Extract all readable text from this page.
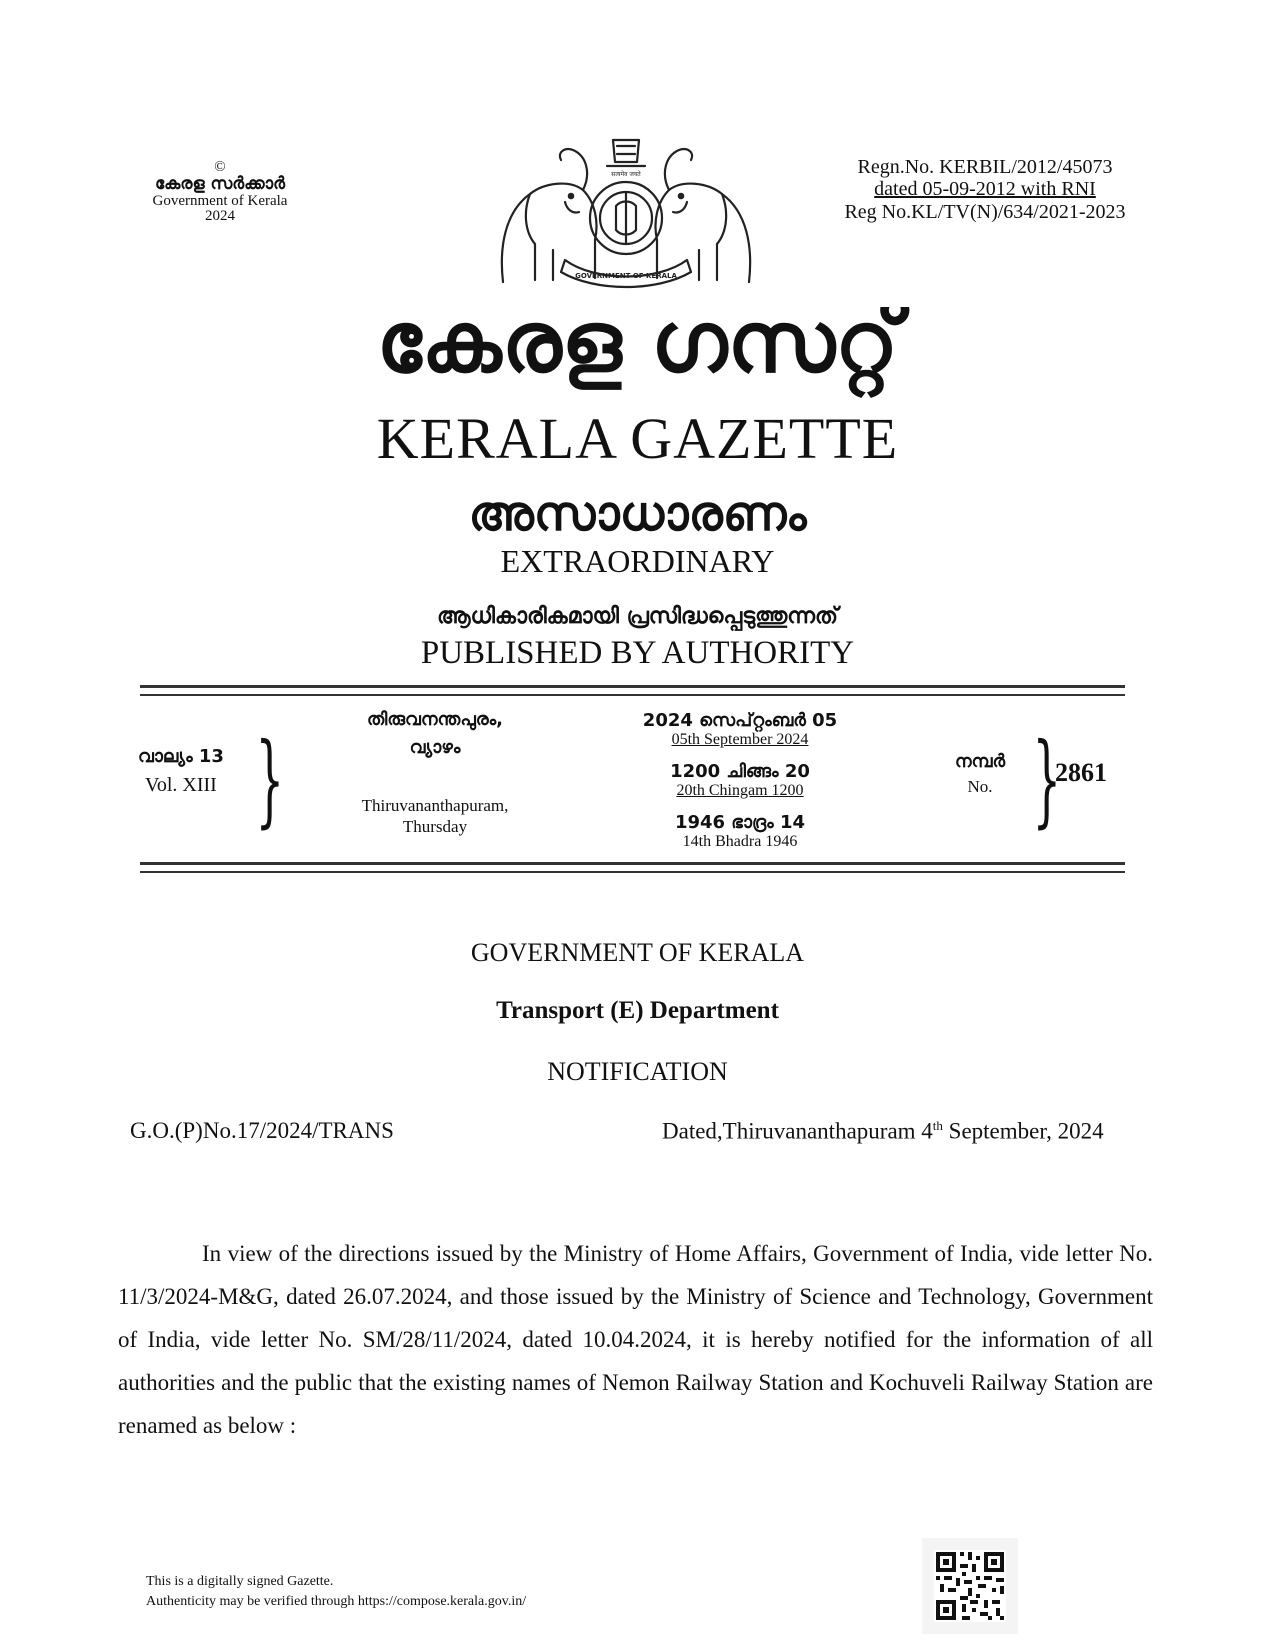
©
കേരള സർക്കാർ
Government of Kerala
2024
सत्यमेव जयते
GOVERNMENT OF KERALA
Regn.No. KERBIL/2012/45073
dated 05-09-2012 with RNI
Reg No.KL/TV(N)/634/2021-2023
കേരള ഗസറ്റ്
KERALA GAZETTE
അസാധാരണം
EXTRAORDINARY
ആധികാരികമായി പ്രസിദ്ധപ്പെടുത്തുന്നത്
PUBLISHED BY AUTHORITY
വാല്യം 13
Vol. XIII }
തിരുവനന്തപുരം,
വ്യാഴം
Thiruvananthapuram,
Thursday
2024 സെപ്റ്റംബർ 05
05th September 2024
1200 ചിങ്ങം 20
20th Chingam 1200
1946 ഭാദ്രം 14
14th Bhadra 1946
നമ്പർ
No. }
2861
GOVERNMENT OF KERALA
Transport (E) Department
NOTIFICATION
G.O.(P)No.17/2024/TRANS	Dated,Thiruvananthapuram 4th September, 2024
In view of the directions issued by the Ministry of Home Affairs, Government of India, vide letter No. 11/3/2024-M&G, dated 26.07.2024, and those issued by the Ministry of Science and Technology, Government of India, vide letter No. SM/28/11/2024, dated 10.04.2024, it is hereby notified for the information of all authorities and the public that the existing names of Nemon Railway Station and Kochuveli Railway Station are renamed as below :
This is a digitally signed Gazette.
Authenticity may be verified through https://compose.kerala.gov.in/
